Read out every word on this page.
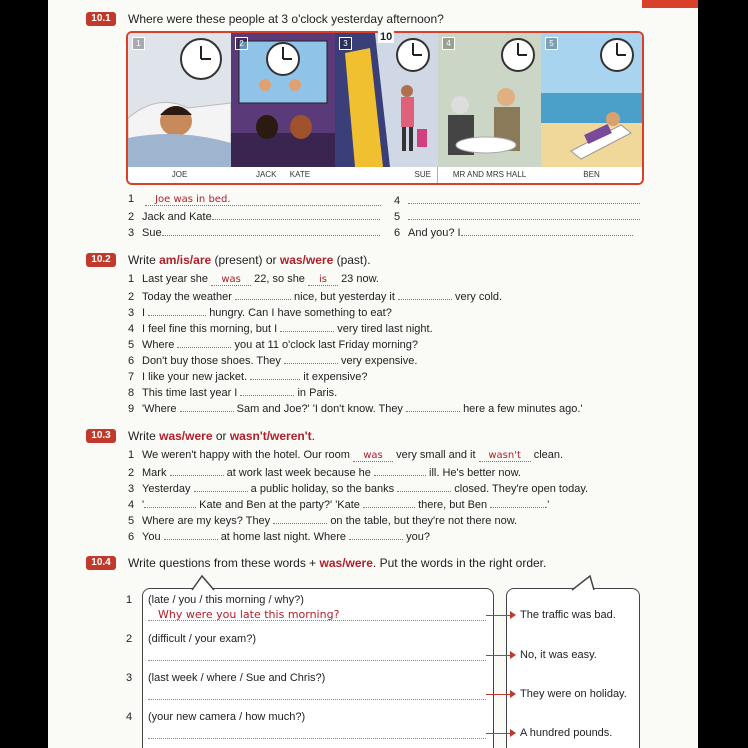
10.1	Where were these people at 3 o'clock yesterday afternoon?
1	2	3	4	5
JOE	JACK      KATE	SUE	MR AND MRS HALL	BEN
10
1 Joe was in bed.
2 Jack and Kate
3 Sue
4
5
6 And you? I
10.2	Write am/is/are (present) or was/were (past).
1 Last year she was 22, so she is 23 now.
2 Today the weather	nice, but yesterday it	very cold.
3 I	hungry. Can I have something to eat?
4 I feel fine this morning, but I	very tired last night.
5 Where	you at 11 o'clock last Friday morning?
6 Don't buy those shoes. They	very expensive.
7 I like your new jacket.	it expensive?
8 This time last year I	in Paris.
9 'Where	Sam and Joe?' 'I don't know. They	here a few minutes ago.'
10.3	Write was/were or wasn't/weren't.
1 We weren't happy with the hotel. Our room was very small and it wasn't clean.
2 Mark	at work last week because he	ill. He's better now.
3 Yesterday	a public holiday, so the banks	closed. They're open today.
4 '	Kate and Ben at the party?' 'Kate	there, but Ben	.'
5 Where are my keys? They	on the table, but they're not there now.
6 You	at home last night. Where	you?
10.4	Write questions from these words + was/were. Put the words in the right order.
1 (late / you / this morning / why?)
Why were you late this morning?	The traffic was bad.
2 (difficult / your exam?)
No, it was easy.
3 (last week / where / Sue and Chris?)
They were on holiday.
4 (your new camera / how much?)
A hundred pounds.
